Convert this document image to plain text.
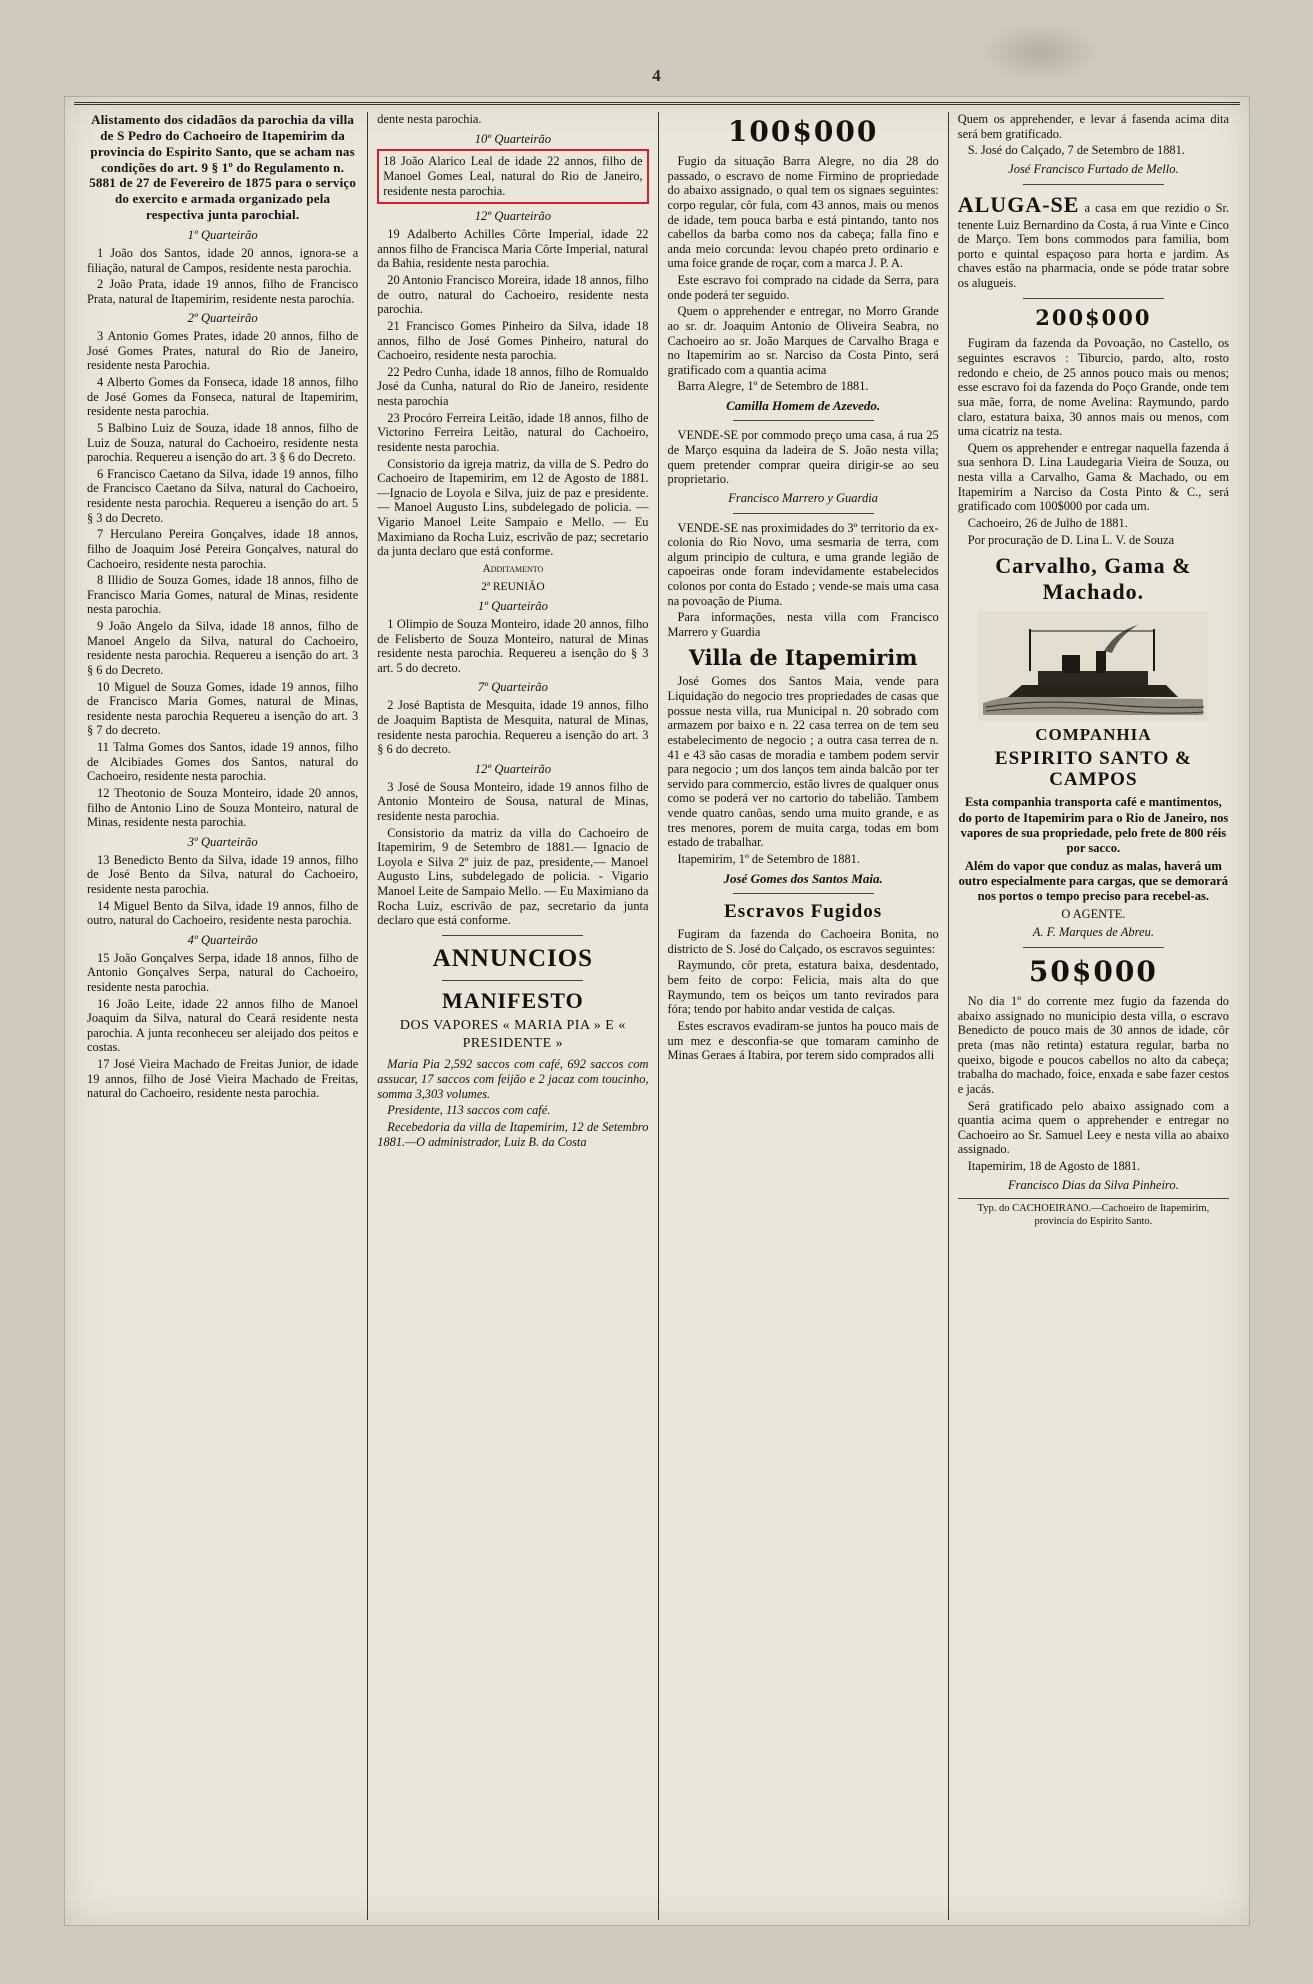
4
Alistamento dos cidadãos da parochia da villa de S Pedro do Cachoeiro de Itapemirim da provincia do Espirito Santo, que se acham nas condições do art. 9 § 1º do Regulamento n. 5881 de 27 de Fevereiro de 1875 para o serviço do exercito e armada organizado pela respectiva junta parochial.
1º Quarteirão

1 João dos Santos, idade 20 annos, ignora-se a filiação, natural de Campos, residente nesta parochia.

2 João Prata, idade 19 annos, filho de Francisco Prata, natural de Itapemirim, residente nesta parochia.

2º Quarteirão

3 Antonio Gomes Prates, idade 20 annos, filho de José Gomes Prates, natural do Rio de Janeiro, residente nesta Parochia.

4 Alberto Gomes da Fonseca, idade 18 annos, filho de José Gomes da Fonseca, natural de Itapemirim, residente nesta parochia.

5 Balbino Luiz de Souza, idade 18 annos, filho de Luiz de Souza, natural do Cachoeiro, residente nesta parochia. Requereu a isenção do art. 3 § 6 do Decreto.

6 Francisco Caetano da Silva, idade 19 annos, filho de Francisco Caetano da Silva, natural do Cachoeiro, residente nesta parochia. Requereu a isenção do art. 5 § 3 do Decreto.

7 Herculano Pereira Gonçalves, idade 18 annos, filho de Joaquim José Pereira Gonçalves, natural do Cachoeiro, residente nesta parochia.

8 Illidio de Souza Gomes, idade 18 annos, filho de Francisco Maria Gomes, natural de Minas, residente nesta parochia.

9 João Angelo da Silva, idade 18 annos, filho de Manoel Angelo da Silva, natural do Cachoeiro, residente nesta parochia. Requereu a isenção do art. 3 § 6 do Decreto.

10 Miguel de Souza Gomes, idade 19 annos, filho de Francisco Maria Gomes, natural de Minas, residente nesta parochia Requereu a isenção do art. 3 § 7 do decreto.

11 Talma Gomes dos Santos, idade 19 annos, filho de Alcibiades Gomes dos Santos, natural do Cachoeiro, residente nesta parochia.

12 Theotonio de Souza Monteiro, idade 20 annos, filho de Antonio Lino de Souza Monteiro, natural de Minas, residente nesta parochia.

3º Quarteirão

13 Benedicto Bento da Silva, idade 19 annos, filho de José Bento da Silva, natural do Cachoeiro, residente nesta parochia.

14 Miguel Bento da Silva, idade 19 annos, filho de outro, natural do Cachoeiro, residente nesta parochia.

4º Quarteirão

15 João Gonçalves Serpa, idade 18 annos, filho de Antonio Gonçalves Serpa, natural do Cachoeiro, residente nesta parochia.

16 João Leite, idade 22 annos filho de Manoel Joaquim da Silva, natural do Ceará residente nesta parochia. A junta reconheceu ser aleijado dos peitos e costas.

17 José Vieira Machado de Freitas Junior, de idade 19 annos, filho de José Vieira Machado de Freitas, natural do Cachoeiro, residente nesta parochia.

dente nesta parochia.

10º Quarteirão

18 João Alarico Leal de idade 22 annos, filho de Manoel Gomes Leal, natural do Rio de Janeiro, residente nesta parochia.

12º Quarteirão

19 Adalberto Achilles Côrte Imperial, idade 22 annos filho de Francisca Maria Côrte Imperial, natural da Bahia, residente nesta parochia.

20 Antonio Francisco Moreira, idade 18 annos, filho de outro, natural do Cachoeiro, residente nesta parochia.

21 Francisco Gomes Pinheiro da Silva, idade 18 annos, filho de José Gomes Pinheiro, natural do Cachoeiro, residente nesta parochia.

22 Pedro Cunha, idade 18 annos, filho de Romualdo José da Cunha, natural do Rio de Janeiro, residente nesta parochia

23 Procóro Ferreira Leitão, idade 18 annos, filho de Victorino Ferreira Leitão, natural do Cachoeiro, residente nesta parochia.

Consistorio da igreja matriz, da villa de S. Pedro do Cachoeiro de Itapemirim, em 12 de Agosto de 1881.—Ignacio de Loyola e Silva, juiz de paz e presidente.— Manoel Augusto Lins, subdelegado de policia. —Vigario Manoel Leite Sampaio e Mello. — Eu Maximiano da Rocha Luiz, escrivão de paz; secretario da junta declaro que está conforme.

Additamento
2ª REUNIÃO
1º Quarteirão

1 Olimpio de Souza Monteiro, idade 20 annos, filho de Felisberto de Souza Monteiro, natural de Minas residente nesta parochia. Requereu a isenção do § 3 art. 5 do decreto.

7º Quarteirão

2 José Baptista de Mesquita, idade 19 annos, filho de Joaquim Baptista de Mesquita, natural de Minas, residente nesta parochia. Requereu a isenção do art. 3 § 6 do decreto.

12º Quarteirão

3 José de Sousa Monteiro, idade 19 annos filho de Antonio Monteiro de Sousa, natural de Minas, residente nesta parochia.

Consistorio da matriz da villa do Cachoeiro de Itapemirim, 9 de Setembro de 1881.— Ignacio de Loyola e Silva 2º juiz de paz, presidente,— Manoel Augusto Lins, subdelegado de policia. - Vigario Manoel Leite de Sampaio Mello. — Eu Maximiano da Rocha Luiz, escrivão de paz, secretario da junta declaro que está conforme.

ANNUNCIOS
MANIFESTO
DOS VAPORES « MARIA PIA » E « PRESIDENTE »

Maria Pia 2,592 saccos com café, 692 saccos com assucar, 17 saccos com feijão e 2 jacaz com toucinho, somma 3,303 volumes.

Presidente, 113 saccos com café.

Recebedoria da villa de Itapemirim, 12 de Setembro 1881.—O administrador, Luiz B. da Costa

100$000

Fugio da situação Barra Alegre, no dia 28 do passado, o escravo de nome Firmino de propriedade do abaixo assignado, o qual tem os signaes seguintes: corpo regular, côr fula, com 43 annos, mais ou menos de idade, tem pouca barba e está pintando, tanto nos cabellos da barba como nos da cabeça; falla fino e anda meio corcunda: levou chapéo preto ordinario e uma foice grande de roçar, com a marca J. P. A.

Este escravo foi comprado na cidade da Serra, para onde poderá ter seguido.

Quem o apprehender e entregar, no Morro Grande ao sr. dr. Joaquim Antonio de Oliveira Seabra, no Cachoeiro ao sr. João Marques de Carvalho Braga e no Itapemirim ao sr. Narciso da Costa Pinto, será gratificado com a quantia acima

Barra Alegre, 1º de Setembro de 1881.

Camilla Homem de Azevedo.

VENDE-SE por commodo preço uma casa, á rua 25 de Março esquina da ladeira de S. João nesta villa; quem pretender comprar queira dirigir-se ao seu proprietario.

Francisco Marrero y Guardia

VENDE-SE nas proximidades do 3º territorio da ex-colonia do Rio Novo, uma sesmaria de terra, com algum principio de cultura, e uma grande legião de capoeiras onde foram indevidamente estabelecidos colonos por conta do Estado ; vende-se mais uma casa na povoação de Piuma.

Para informações, nesta villa com Francisco Marrero y Guardia

Villa de Itapemirim

José Gomes dos Santos Maia, vende para Liquidação do negocio tres propriedades de casas que possue nesta villa, rua Municipal n. 20 sobrado com armazem por baixo e n. 22 casa terrea on de tem seu estabelecimento de negocio ; a outra casa terrea de n. 41 e 43 são casas de moradia e tambem podem servir para negocio ; um dos lanços tem ainda balcão por ter servido para commercio, estão livres de qualquer onus como se poderá ver no cartorio do tabelião. Tambem vende quatro canôas, sendo uma muito grande, e as tres menores, porem de muita carga, todas em bom estado de trabalhar.

Itapemirim, 1º de Setembro de 1881.

José Gomes dos Santos Maia.
Escravos Fugidos

Fugiram da fazenda do Cachoeira Bonita, no districto de S. José do Calçado, os escravos seguintes:

Raymundo, côr preta, estatura baixa, desdentado, bem feito de corpo: Felicia, mais alta do que Raymundo, tem os beiços um tanto revirados para fóra; tendo por habito andar vestida de calças.

Estes escravos evadiram-se juntos ha pouco mais de um mez e desconfia-se que tomaram caminho de Minas Geraes á Itabira, por terem sido comprados alli

Quem os apprehender, e levar á fasenda acima dita será bem gratificado.

S. José do Calçado, 7 de Setembro de 1881.

José Francisco Furtado de Mello.

ALUGA-SE a casa em que rezidio o Sr. tenente Luiz Bernardino da Costa, á rua Vinte e Cinco de Março. Tem bons commodos para familia, bom porto e quintal espaçoso para horta e jardim. As chaves estão na pharmacia, onde se póde tratar sobre os alugueis.

200$000

Fugiram da fazenda da Povoação, no Castello, os seguintes escravos : Tiburcio, pardo, alto, rosto redondo e cheio, de 25 annos pouco mais ou menos; esse escravo foi da fazenda do Poço Grande, onde tem sua mãe, forra, de nome Avelina: Raymundo, pardo claro, estatura baixa, 30 annos mais ou menos, com uma cicatriz na testa.

Quem os apprehender e entregar naquella fazenda á sua senhora D. Lina Laudegaria Vieira de Souza, ou nesta villa a Carvalho, Gama & Machado, ou em Itapemirim a Narciso da Costa Pinto & C., será gratificado com 100$000 por cada um.

Cachoeiro, 26 de Julho de 1881.

Por procuração de D. Lina L. V. de Souza

Carvalho, Gama & Machado.
COMPANHIA
ESPIRITO SANTO & CAMPOS
Esta companhia transporta café e mantimentos, do porto de Itapemirim para o Rio de Janeiro, nos vapores de sua propriedade, pelo frete de 800 réis por sacco.
Além do vapor que conduz as malas, haverá um outro especialmente para cargas, que se demorará nos portos o tempo preciso para recebel-as.
O AGENTE.
A. F. Marques de Abreu.
50$000

No dia 1º do corrente mez fugio da fazenda do abaixo assignado no municipio desta villa, o escravo Benedicto de pouco mais de 30 annos de idade, côr preta (mas não retinta) estatura regular, barba no queixo, bigode e poucos cabellos no alto da cabeça; trabalha do machado, foice, enxada e sabe fazer cestos e jacás.

Será gratificado pelo abaixo assignado com a quantia acima quem o apprehender e entregar no Cachoeiro ao Sr. Samuel Leey e nesta villa ao abaixo assignado.

Itapemirim, 18 de Agosto de 1881.

Francisco Dias da Silva Pinheiro.
Typ. do CACHOEIRANO.—Cachoeiro de Itapemirim, provincia do Espirito Santo.
